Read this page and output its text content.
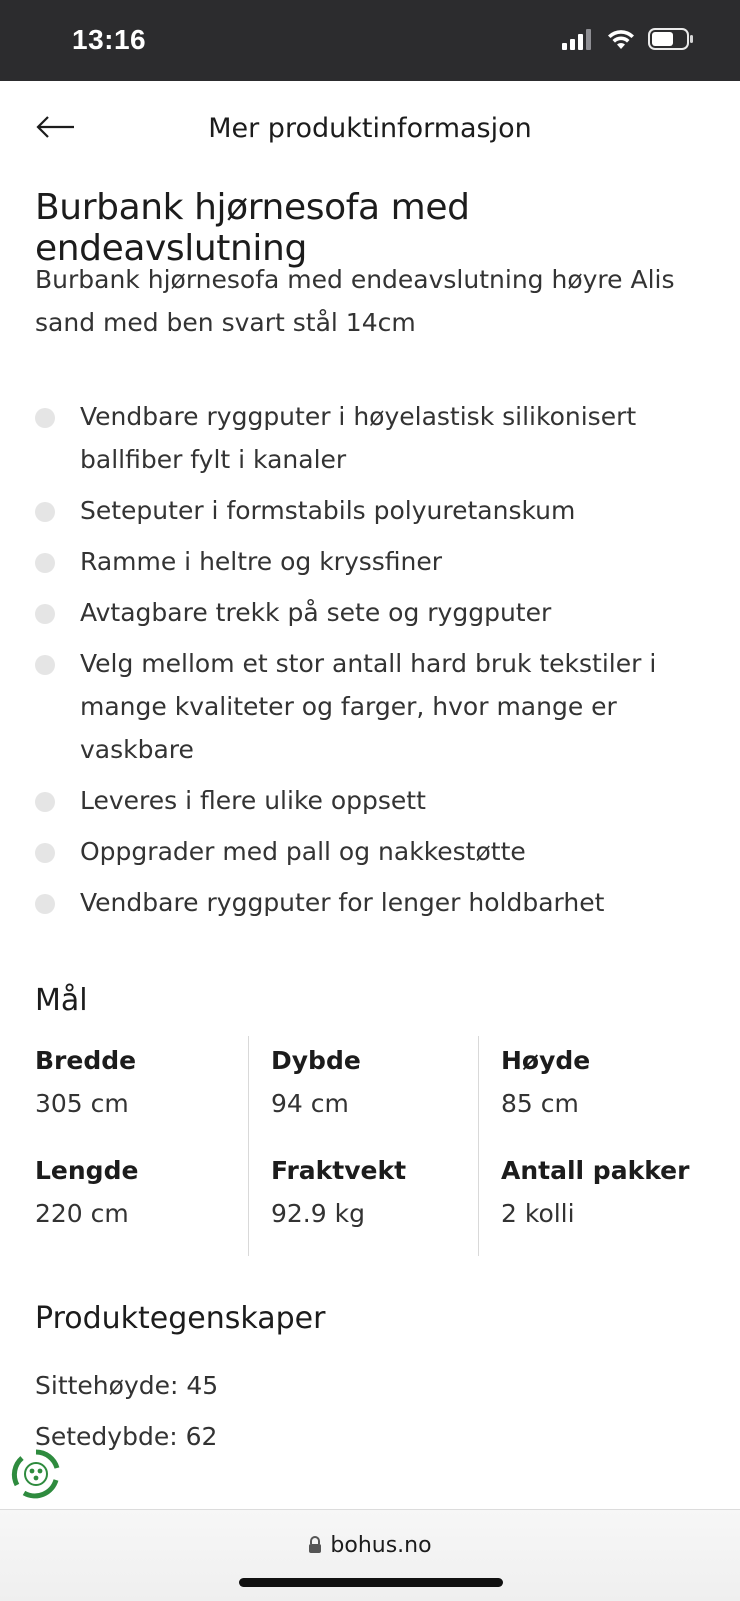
13:16
Mer produktinformasjon
Burbank hjørnesofa med endeavslutning

Burbank hjørnesofa med endeavslutning høyre Alis sand med ben svart stål 14cm

Vendbare ryggputer i høyelastisk silikonisert ballfiber fylt i kanaler
Seteputer i formstabils polyuretanskum
Ramme i heltre og kryssfiner
Avtagbare trekk på sete og ryggputer
Velg mellom et stor antall hard bruk tekstiler i mange kvaliteter og farger, hvor mange er vaskbare
Leveres i flere ulike oppsett
Oppgrader med pall og nakkestøtte
Vendbare ryggputer for lenger holdbarhet
Mål
Bredde
305 cm
Dybde
94 cm
Høyde
85 cm
Lengde
220 cm
Fraktvekt
92.9 kg
Antall pakker
2 kolli
Produktegenskaper
Sittehøyde: 45
Setedybde: 62
bohus.no
